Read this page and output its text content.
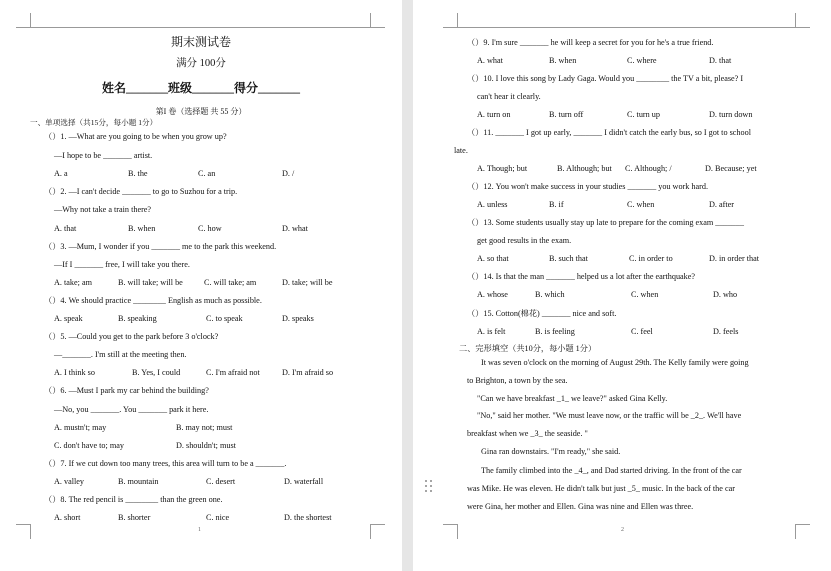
期末测试卷
满分 100分
姓名_______班级_______得分_______
第I 卷（选择题 共 55 分）
一、单项选择（共15分，每小题 1分）
（）1. —What are you going to be when you grow up?
—I hope to be _______ artist.
A. a	B. the	C. an	D. /
（）2. —I can't decide _______ to go to Suzhou for a trip.
—Why not take a train there?
A. that	B. when	C. how	D. what
（）3. —Mum, I wonder if you _______ me to the park this weekend.
—If I _______ free, I will take you there.
A. take; am	B. will take; will be	C. will take; am	D. take; will be
（）4. We should practice ________ English as much as possible.
A. speak	B. speaking	C. to speak	D. speaks
（）5. —Could you get to the park before 3 o'clock?
—_______. I'm still at the meeting then.
A. I think so	B. Yes, I could	C. I'm afraid not	D. I'm afraid so
（）6. —Must I park my car behind the building?
—No, you _______. You _______ park it here.
A. mustn't; may	B. may not; must
C. don't have to; may	D. shouldn't; must
（）7. If we cut down too many trees, this area will turn to be a _______.
A. valley	B. mountain	C. desert	D. waterfall
（）8. The red pencil is ________ than the green one.
A. short	B. shorter	C. nice	D. the shortest
1
（）9. I'm sure _______ he will keep a secret for you for he's a true friend.
A. what	B. when	C. where	D. that
（）10. I love this song by Lady Gaga. Would you ________ the TV a bit, please? I
can't hear it clearly.
A. turn on	B. turn off	C. turn up	D. turn down
（）11. _______ I got up early, _______ I didn't catch the early bus, so I got to school
late.
A. Though; but	B. Although; but C. Although; /	D. Because; yet
（）12. You won't make success in your studies _______ you work hard.
A. unless	B. if	C. when	D. after
（）13. Some students usually stay up late to prepare for the coming exam _______
get good results in the exam.
A. so that	B. such that	C. in order to	D. in order that
（）14. Is that the man _______ helped us a lot after the earthquake?
A. whose	B. which	C. when	D. who
（）15. Cotton(棉花) _______ nice and soft.
A. is felt	B. is feeling	C. feel	D. feels
二、完形填空（共10分，每小题 1分）
It was seven o'clock on the morning of August 29th. The Kelly family were going
to Brighton, a town by the sea.
"Can we have breakfast _1_ we leave?" asked Gina Kelly.
"No," said her mother. "We must leave now, or the traffic will be _2_. We'll have
breakfast when we _3_ the seaside. "
Gina ran downstairs. "I'm ready," she said.
The family climbed into the _4_, and Dad started driving. In the front of the car
was Mike. He was eleven. He didn't talk but just _5_ music. In the back of the car
were Gina, her mother and Ellen. Gina was nine and Ellen was three.
2
